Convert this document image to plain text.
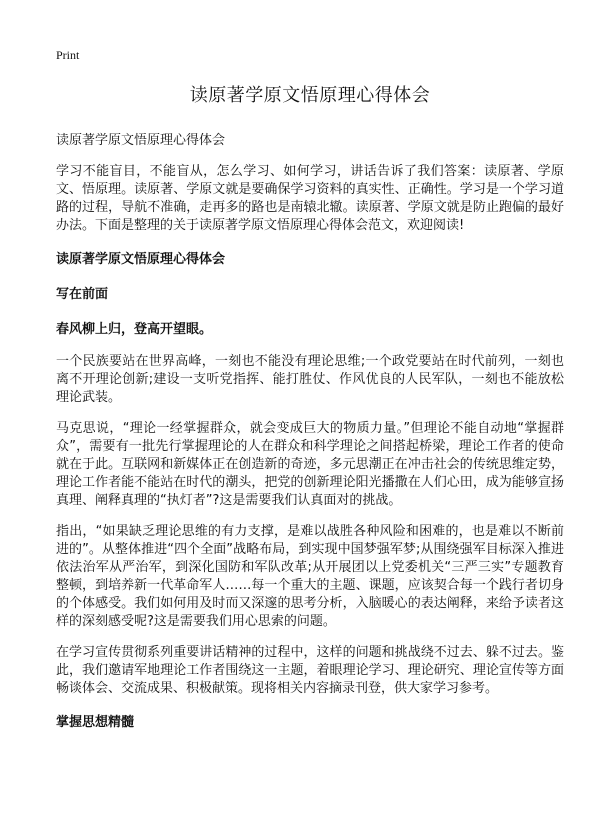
Print
读原著学原文悟原理心得体会
读原著学原文悟原理心得体会

学习不能盲目，不能盲从，怎么学习、如何学习，讲话告诉了我们答案：读原著、学原文、悟原理。读原著、学原文就是要确保学习资料的真实性、正确性。学习是一个学习道路的过程，导航不准确，走再多的路也是南辕北辙。读原著、学原文就是防止跑偏的最好办法。下面是整理的关于读原著学原文悟原理心得体会范文，欢迎阅读!

读原著学原文悟原理心得体会
写在前面
春风柳上归，登高开望眼。

一个民族要站在世界高峰，一刻也不能没有理论思维;一个政党要站在时代前列，一刻也离不开理论创新;建设一支听党指挥、能打胜仗、作风优良的人民军队，一刻也不能放松理论武装。

马克思说，“理论一经掌握群众，就会变成巨大的物质力量。”但理论不能自动地“掌握群众”，需要有一批先行掌握理论的人在群众和科学理论之间搭起桥梁，理论工作者的使命就在于此。互联网和新媒体正在创造新的奇迹，多元思潮正在冲击社会的传统思维定势，理论工作者能不能站在时代的潮头，把党的创新理论阳光播撒在人们心田，成为能够宣扬真理、阐释真理的“执灯者”?这是需要我们认真面对的挑战。

指出，“如果缺乏理论思维的有力支撑，是难以战胜各种风险和困难的，也是难以不断前进的”。从整体推进“四个全面”战略布局，到实现中国梦强军梦;从围绕强军目标深入推进依法治军从严治军，到深化国防和军队改革;从开展团以上党委机关“三严三实”专题教育整顿，到培养新一代革命军人……每一个重大的主题、课题，应该契合每一个践行者切身的个体感受。我们如何用及时而又深邃的思考分析，入脑暖心的表达阐释，来给予读者这样的深刻感受呢?这是需要我们用心思索的问题。

在学习宣传贯彻系列重要讲话精神的过程中，这样的问题和挑战绕不过去、躲不过去。鉴此，我们邀请军地理论工作者围绕这一主题，着眼理论学习、理论研究、理论宣传等方面畅谈体会、交流成果、积极献策。现将相关内容摘录刊登，供大家学习参考。

掌握思想精髓
